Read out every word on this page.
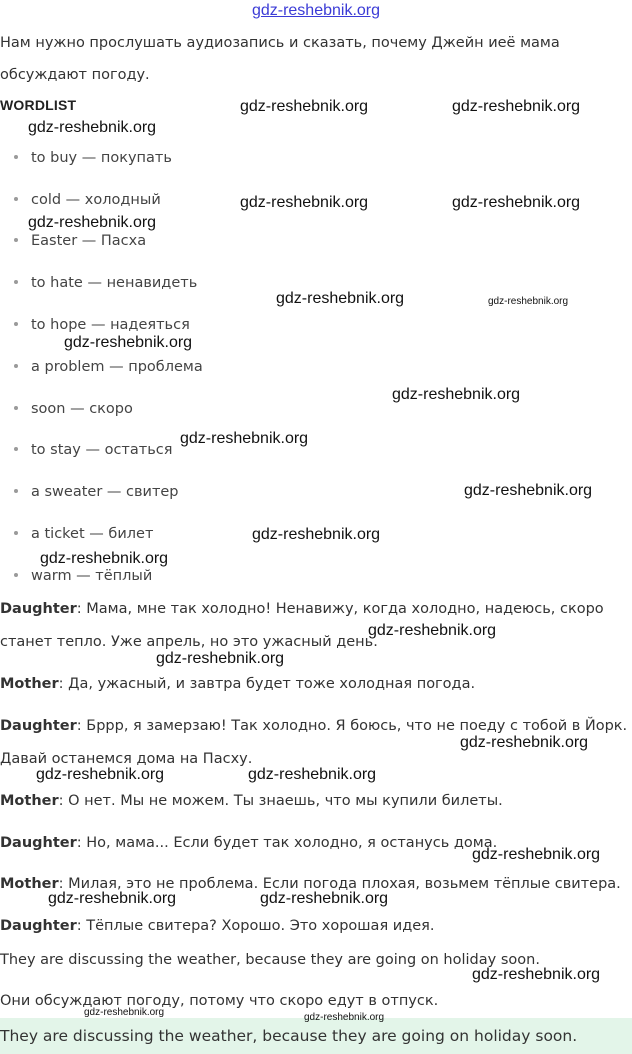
gdz-reshebnik.org
Нам нужно прослушать аудиозапись и сказать, почему Джейн иеё мама
обсуждают погоду.
WORDLIST
to buy — покупать
cold — холодный
Easter — Пасха
to hate — ненавидеть
to hope — надеяться
a problem — проблема
soon — скоро
to stay — остаться
a sweater — свитер
a ticket — билет
warm — тёплый
Daughter: Мама, мне так холодно! Ненавижу, когда холодно, надеюсь, скоро
станет тепло. Уже апрель, но это ужасный день.
Mother: Да, ужасный, и завтра будет тоже холодная погода.
Daughter: Бррр, я замерзаю! Так холодно. Я боюсь, что не поеду с тобой в Йорк.
Давай останемся дома на Пасху.
Mother: О нет. Мы не можем. Ты знаешь, что мы купили билеты.
Daughter: Но, мама... Если будет так холодно, я останусь дома.
Mother: Милая, это не проблема. Если погода плохая, возьмем тёплые свитера.
Daughter: Тёплые свитера? Хорошо. Это хорошая идея.
They are discussing the weather, because they are going on holiday soon.
Они обсуждают погоду, потому что скоро едут в отпуск.
They are discussing the weather, because they are going on holiday soon.
gdz-reshebnik.org	gdz-reshebnik.org
gdz-reshebnik.org
gdz-reshebnik.org	gdz-reshebnik.org
gdz-reshebnik.org
gdz-reshebnik.org	gdz-reshebnik.org
gdz-reshebnik.org
gdz-reshebnik.org
gdz-reshebnik.org
gdz-reshebnik.org
gdz-reshebnik.org
gdz-reshebnik.org
gdz-reshebnik.org
gdz-reshebnik.org
gdz-reshebnik.org
gdz-reshebnik.org	gdz-reshebnik.org
gdz-reshebnik.org
gdz-reshebnik.org	gdz-reshebnik.org
gdz-reshebnik.org
gdz-reshebnik.org	gdz-reshebnik.org
